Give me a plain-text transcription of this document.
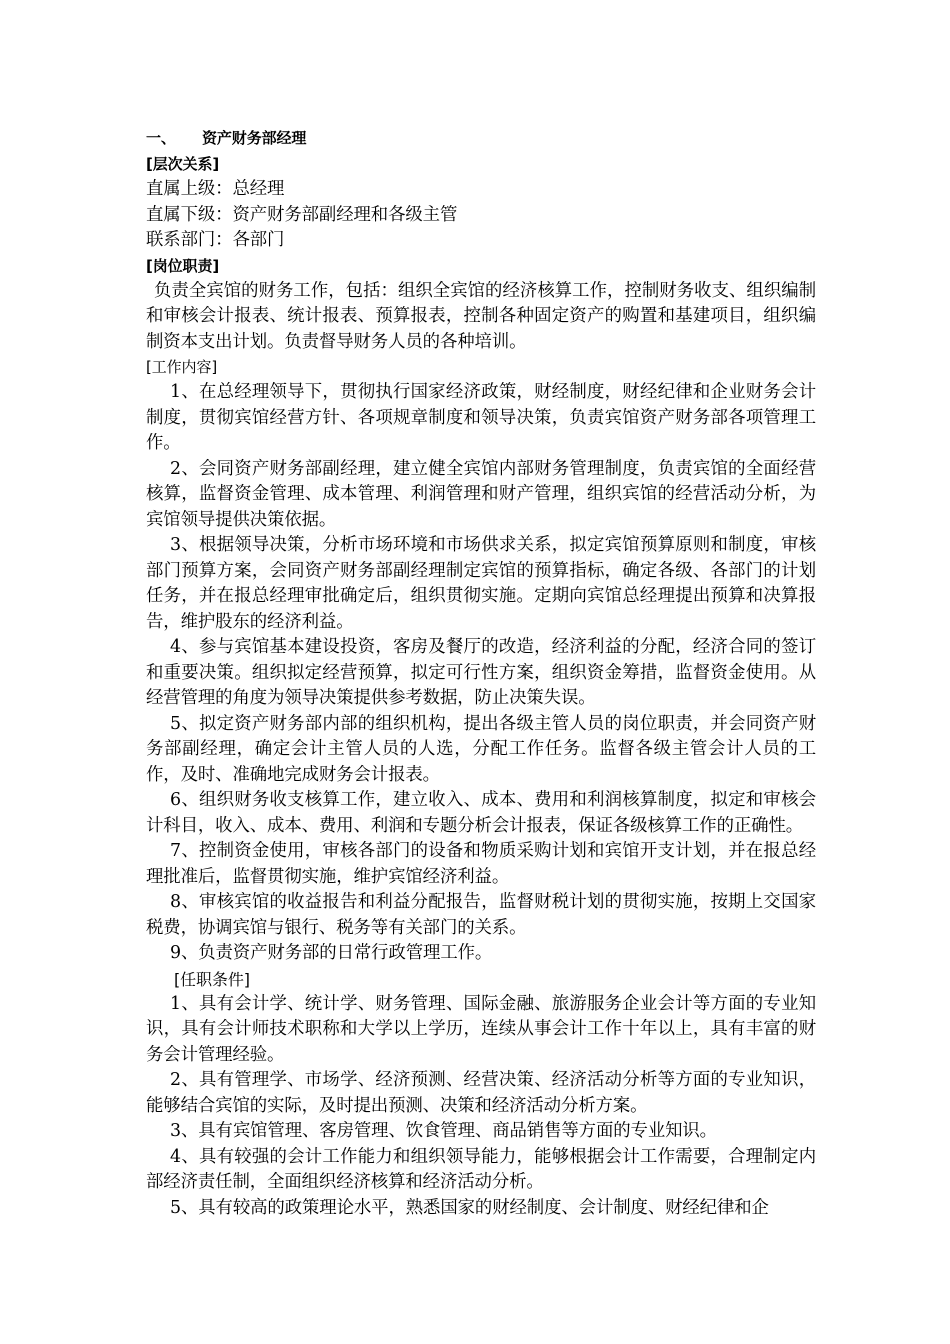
一、 资产财务部经理
[层次关系]
直属上级：总经理
直属下级：资产财务部副经理和各级主管
联系部门：各部门
[岗位职责]
负责全宾馆的财务工作，包括：组织全宾馆的经济核算工作，控制财务收支、组织编制和审核会计报表、统计报表、预算报表，控制各种固定资产的购置和基建项目，组织编制资本支出计划。负责督导财务人员的各种培训。
[工作内容]
1、在总经理领导下，贯彻执行国家经济政策，财经制度，财经纪律和企业财务会计制度，贯彻宾馆经营方针、各项规章制度和领导决策，负责宾馆资产财务部各项管理工作。
2、会同资产财务部副经理，建立健全宾馆内部财务管理制度，负责宾馆的全面经营核算，监督资金管理、成本管理、利润管理和财产管理，组织宾馆的经营活动分析，为宾馆领导提供决策依据。
3、根据领导决策，分析市场环境和市场供求关系，拟定宾馆预算原则和制度，审核部门预算方案，会同资产财务部副经理制定宾馆的预算指标，确定各级、各部门的计划任务，并在报总经理审批确定后，组织贯彻实施。定期向宾馆总经理提出预算和决算报告，维护股东的经济利益。
4、参与宾馆基本建设投资，客房及餐厅的改造，经济利益的分配，经济合同的签订和重要决策。组织拟定经营预算，拟定可行性方案，组织资金筹措，监督资金使用。从经营管理的角度为领导决策提供参考数据，防止决策失误。
5、拟定资产财务部内部的组织机构，提出各级主管人员的岗位职责，并会同资产财务部副经理，确定会计主管人员的人选，分配工作任务。监督各级主管会计人员的工作，及时、准确地完成财务会计报表。
6、组织财务收支核算工作，建立收入、成本、费用和利润核算制度，拟定和审核会计科目，收入、成本、费用、利润和专题分析会计报表，保证各级核算工作的正确性。
7、控制资金使用，审核各部门的设备和物质采购计划和宾馆开支计划，并在报总经理批准后，监督贯彻实施，维护宾馆经济利益。
8、审核宾馆的收益报告和利益分配报告，监督财税计划的贯彻实施，按期上交国家税费，协调宾馆与银行、税务等有关部门的关系。
9、负责资产财务部的日常行政管理工作。
[任职条件]
1、具有会计学、统计学、财务管理、国际金融、旅游服务企业会计等方面的专业知识，具有会计师技术职称和大学以上学历，连续从事会计工作十年以上，具有丰富的财务会计管理经验。
2、具有管理学、市场学、经济预测、经营决策、经济活动分析等方面的专业知识，能够结合宾馆的实际，及时提出预测、决策和经济活动分析方案。
3、具有宾馆管理、客房管理、饮食管理、商品销售等方面的专业知识。
4、具有较强的会计工作能力和组织领导能力，能够根据会计工作需要，合理制定内部经济责任制，全面组织经济核算和经济活动分析。
5、具有较高的政策理论水平，熟悉国家的财经制度、会计制度、财经纪律和企
